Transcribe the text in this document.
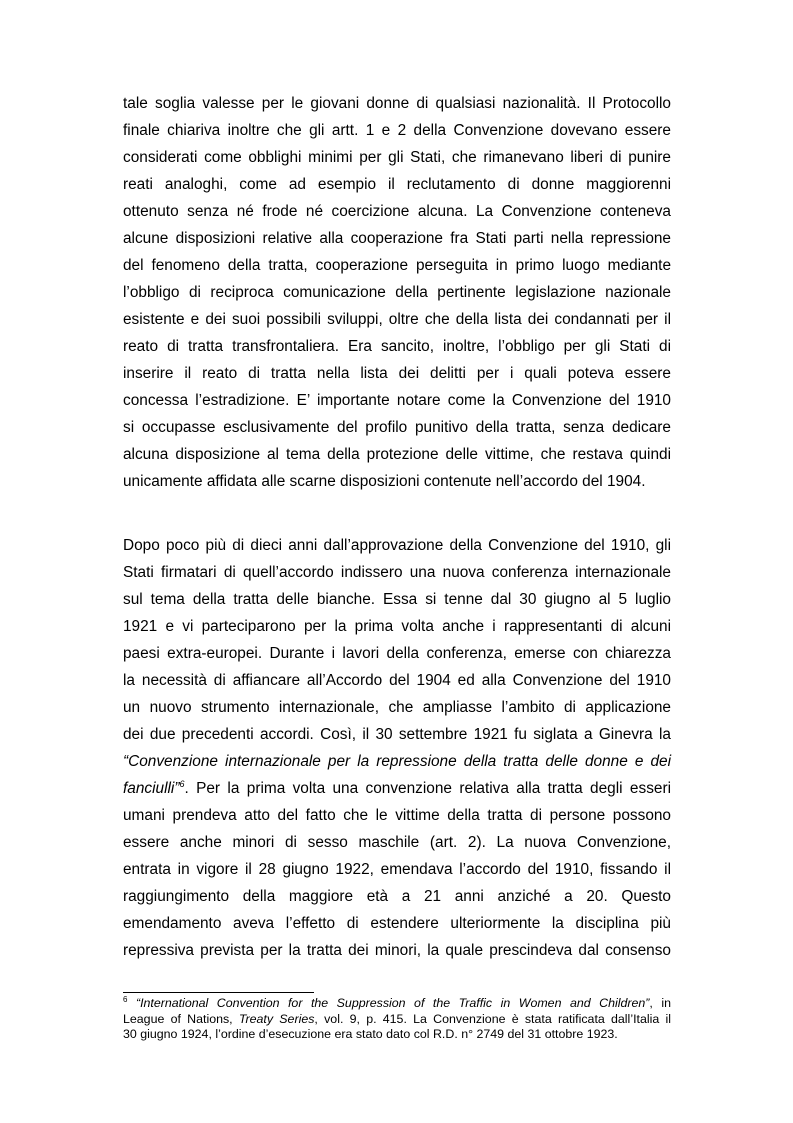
tale soglia valesse per le giovani donne di qualsiasi nazionalità. Il Protocollo
finale chiariva inoltre che gli artt. 1 e 2 della Convenzione dovevano essere
considerati come obblighi minimi per gli Stati, che rimanevano liberi di punire
reati analoghi, come ad esempio il reclutamento di donne maggiorenni
ottenuto senza né frode né coercizione alcuna. La Convenzione conteneva
alcune disposizioni relative alla cooperazione fra Stati parti nella repressione
del fenomeno della tratta, cooperazione perseguita in primo luogo mediante
l’obbligo di reciproca comunicazione della pertinente legislazione nazionale
esistente e dei suoi possibili sviluppi, oltre che della lista dei condannati per il
reato di tratta transfrontaliera. Era sancito, inoltre, l’obbligo per gli Stati di
inserire il reato di tratta nella lista dei delitti per i quali poteva essere
concessa l’estradizione. E’ importante notare come la Convenzione del 1910
si occupasse esclusivamente del profilo punitivo della tratta, senza dedicare
alcuna disposizione al tema della protezione delle vittime, che restava quindi
unicamente affidata alle scarne disposizioni contenute nell’accordo del 1904.

Dopo poco più di dieci anni dall’approvazione della Convenzione del 1910, gli
Stati firmatari di quell’accordo indissero una nuova conferenza internazionale
sul tema della tratta delle bianche. Essa si tenne dal 30 giugno al 5 luglio
1921 e vi parteciparono per la prima volta anche i rappresentanti di alcuni
paesi extra-europei. Durante i lavori della conferenza, emerse con chiarezza
la necessità di affiancare all’Accordo del 1904 ed alla Convenzione del 1910
un nuovo strumento internazionale, che ampliasse l’ambito di applicazione
dei due precedenti accordi. Così, il 30 settembre 1921 fu siglata a Ginevra la
“Convenzione internazionale per la repressione della tratta delle donne e dei
fanciulli”$^6$. Per la prima volta una convenzione relativa alla tratta degli esseri
umani prendeva atto del fatto che le vittime della tratta di persone possono
essere anche minori di sesso maschile (art. 2). La nuova Convenzione,
entrata in vigore il 28 giugno 1922, emendava l’accordo del 1910, fissando il
raggiungimento della maggiore età a 21 anni anziché a 20. Questo
emendamento aveva l’effetto di estendere ulteriormente la disciplina più
repressiva prevista per la tratta dei minori, la quale prescindeva dal consenso

$^6$ “International Convention for the Suppression of the Traffic in Women and Children”, in
League of Nations, Treaty Series, vol. 9, p. 415. La Convenzione è stata ratificata dall’Italia il
30 giugno 1924, l’ordine d’esecuzione era stato dato col R.D. n° 2749 del 31 ottobre 1923.
